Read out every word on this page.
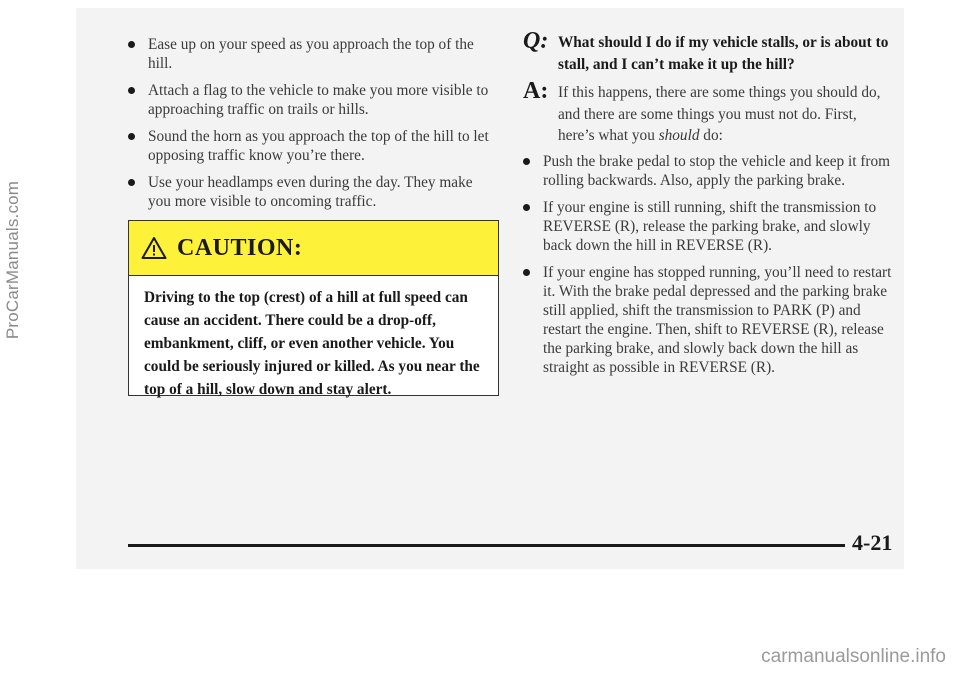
ProCarManuals.com
Ease up on your speed as you approach the top of the hill.
Attach a flag to the vehicle to make you more visible to approaching traffic on trails or hills.
Sound the horn as you approach the top of the hill to let opposing traffic know you’re there.
Use your headlamps even during the day. They make you more visible to oncoming traffic.
CAUTION:
Driving to the top (crest) of a hill at full speed can cause an accident. There could be a drop-off, embankment, cliff, or even another vehicle. You could be seriously injured or killed. As you near the top of a hill, slow down and stay alert.
Q: What should I do if my vehicle stalls, or is about to stall, and I can’t make it up the hill?
A: If this happens, there are some things you should do, and there are some things you must not do. First, here’s what you should do:
Push the brake pedal to stop the vehicle and keep it from rolling backwards. Also, apply the parking brake.
If your engine is still running, shift the transmission to REVERSE (R), release the parking brake, and slowly back down the hill in REVERSE (R).
If your engine has stopped running, you’ll need to restart it. With the brake pedal depressed and the parking brake still applied, shift the transmission to PARK (P) and restart the engine. Then, shift to REVERSE (R), release the parking brake, and slowly back down the hill as straight as possible in REVERSE (R).
4-21
carmanualsonline.info
